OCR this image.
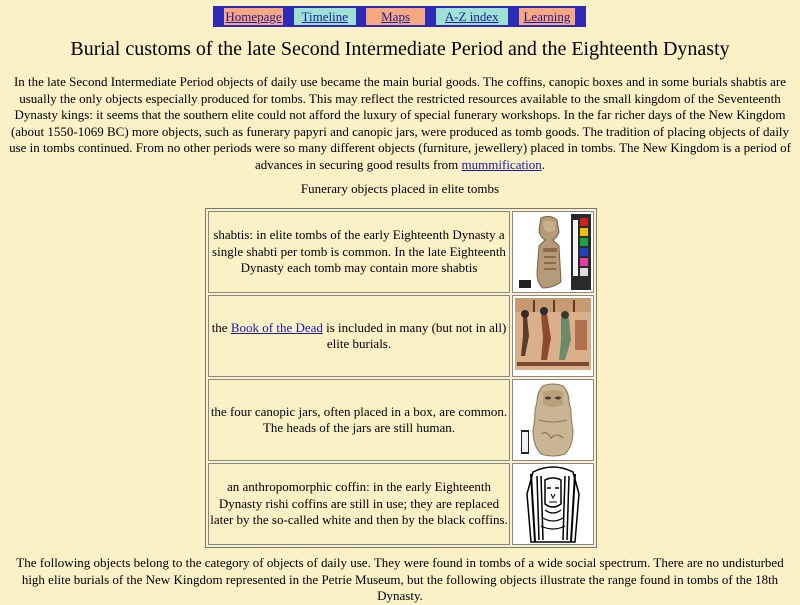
Homepage	Timeline	Maps	A-Z index	Learning
Burial customs of the late Second Intermediate Period and the Eighteenth Dynasty

In the late Second Intermediate Period objects of daily use became the main burial goods. The coffins, canopic boxes and in some burials shabtis are usually the only objects especially produced for tombs. This may reflect the restricted resources available to the small kingdom of the Seventeenth Dynasty kings: it seems that the southern elite could not afford the luxury of special funerary workshops. In the far richer days of the New Kingdom (about 1550-1069 BC) more objects, such as funerary papyri and canopic jars, were produced as tomb goods. The tradition of placing objects of daily use in tombs continued. From no other periods were so many different objects (furniture, jewellery) placed in tombs. The New Kingdom is a period of advances in securing good results from mummification.

Funerary objects placed in elite tombs
shabtis: in elite tombs of the early Eighteenth Dynasty a single shabti per tomb is common. In the late Eighteenth Dynasty each tomb may contain more shabtis	

the Book of the Dead is included in many (but not in all) elite burials.	

the four canopic jars, often placed in a box, are common. The heads of the jars are still human.	

an anthropomorphic coffin: in the early Eighteenth Dynasty rishi coffins are still in use; they are replaced later by the so-called white and then by the black coffins.	

The following objects belong to the category of objects of daily use. They were found in tombs of a wide social spectrum. There are no undisturbed high elite burials of the New Kingdom represented in the Petrie Museum, but the following objects illustrate the range found in tombs of the 18th Dynasty.
